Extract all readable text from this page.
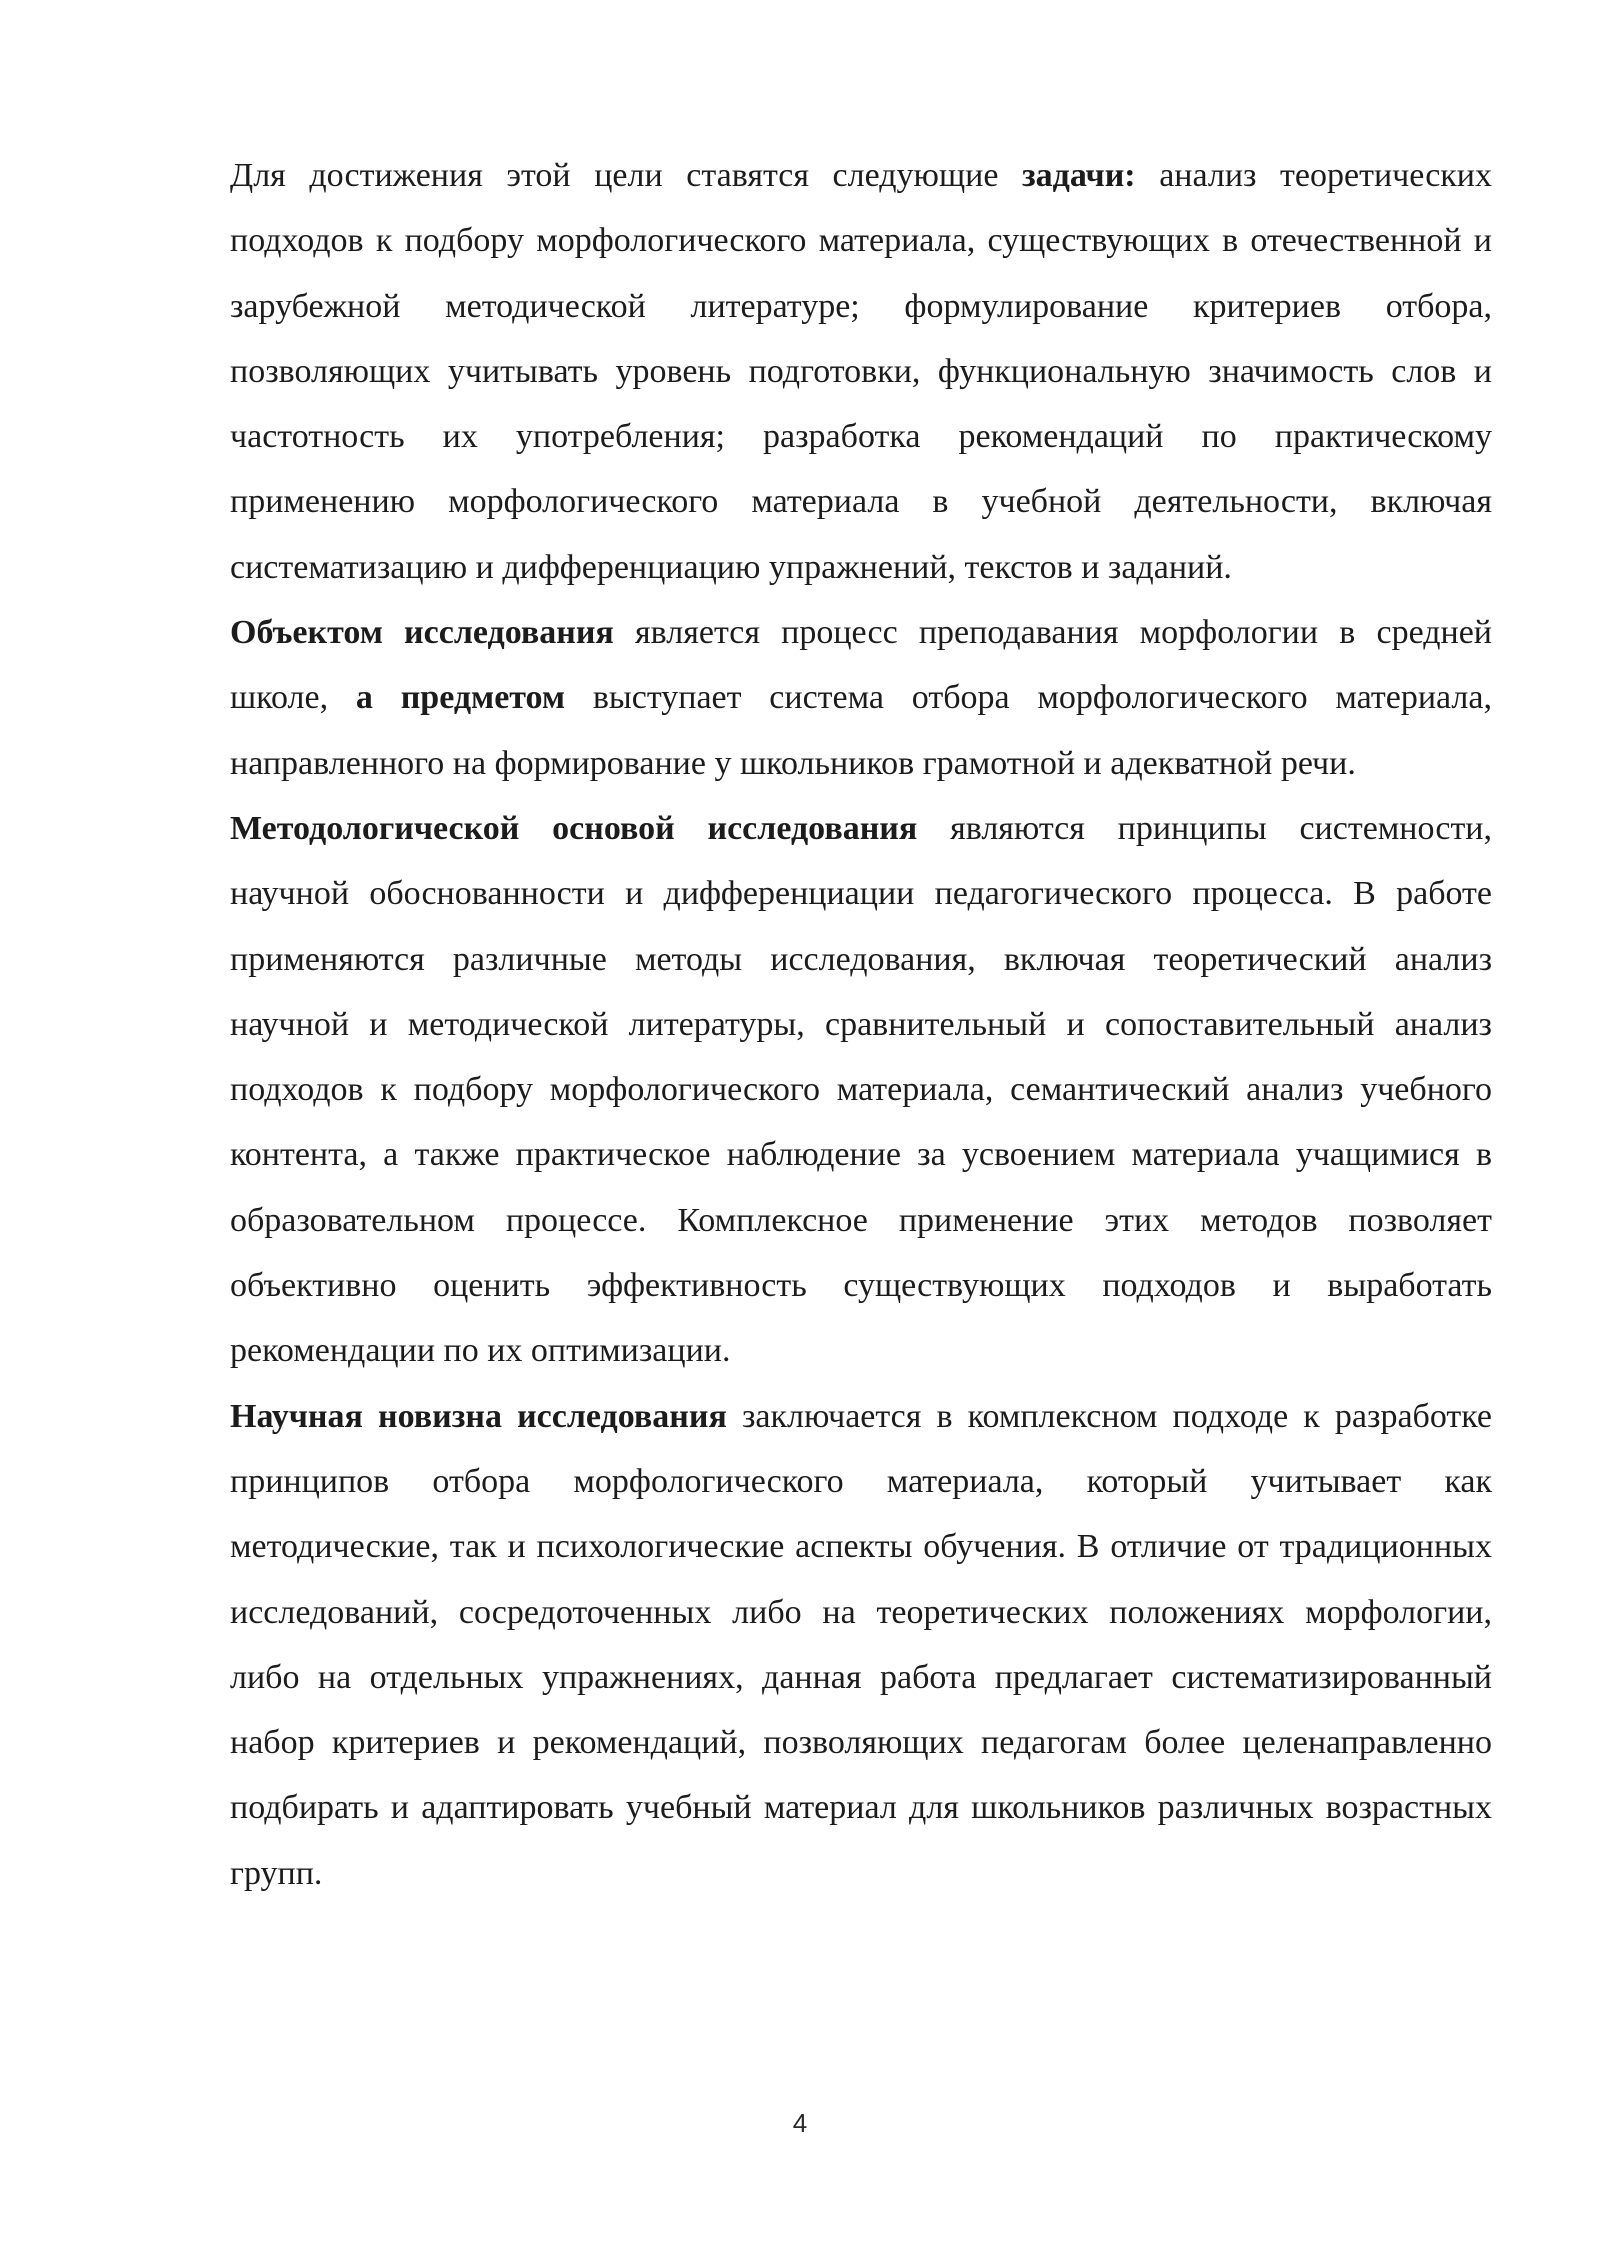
Для достижения этой цели ставятся следующие задачи: анализ теоретических подходов к подбору морфологического материала, существующих в отечественной и зарубежной методической литературе; формулирование критериев отбора, позволяющих учитывать уровень подготовки, функциональную значимость слов и частотность их употребления; разработка рекомендаций по практическому применению морфологического материала в учебной деятельности, включая систематизацию и дифференциацию упражнений, текстов и заданий.

Объектом исследования является процесс преподавания морфологии в средней школе, а предметом выступает система отбора морфологического материала, направленного на формирование у школьников грамотной и адекватной речи.

Методологической основой исследования являются принципы системности, научной обоснованности и дифференциации педагогического процесса. В работе применяются различные методы исследования, включая теоретический анализ научной и методической литературы, сравнительный и сопоставительный анализ подходов к подбору морфологического материала, семантический анализ учебного контента, а также практическое наблюдение за усвоением материала учащимися в образовательном процессе. Комплексное применение этих методов позволяет объективно оценить эффективность существующих подходов и выработать рекомендации по их оптимизации.

Научная новизна исследования заключается в комплексном подходе к разработке принципов отбора морфологического материала, который учитывает как методические, так и психологические аспекты обучения. В отличие от традиционных исследований, сосредоточенных либо на теоретических положениях морфологии, либо на отдельных упражнениях, данная работа предлагает систематизированный набор критериев и рекомендаций, позволяющих педагогам более целенаправленно подбирать и адаптировать учебный материал для школьников различных возрастных групп.

4
